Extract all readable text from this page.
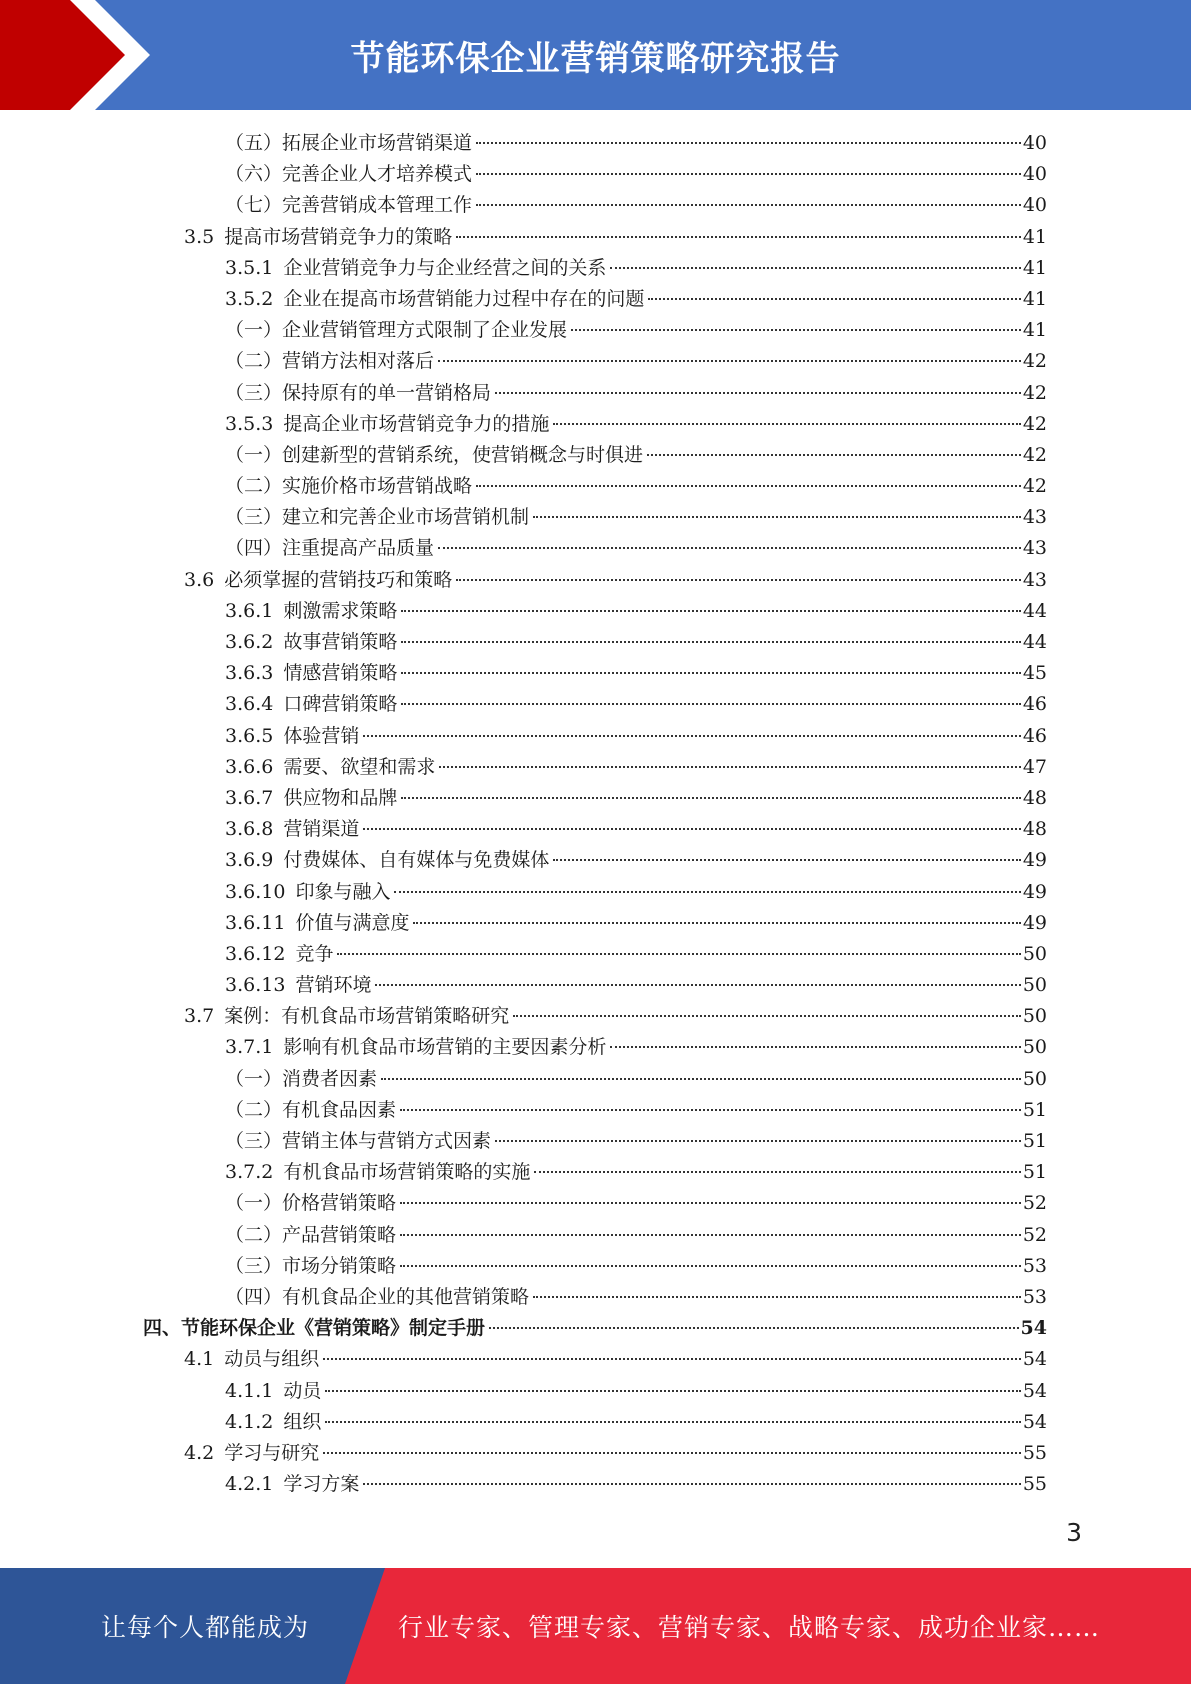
节能环保企业营销策略研究报告
（五）拓展企业市场营销渠道	40
（六）完善企业人才培养模式	40
（七）完善营销成本管理工作	40
3.5 提高市场营销竞争力的策略	41
3.5.1 企业营销竞争力与企业经营之间的关系	41
3.5.2 企业在提高市场营销能力过程中存在的问题	41
（一）企业营销管理方式限制了企业发展	41
（二）营销方法相对落后	42
（三）保持原有的单一营销格局	42
3.5.3 提高企业市场营销竞争力的措施	42
（一）创建新型的营销系统，使营销概念与时俱进	42
（二）实施价格市场营销战略	42
（三）建立和完善企业市场营销机制	43
（四）注重提高产品质量	43
3.6 必须掌握的营销技巧和策略	43
3.6.1 刺激需求策略	44
3.6.2 故事营销策略	44
3.6.3 情感营销策略	45
3.6.4 口碑营销策略	46
3.6.5 体验营销	46
3.6.6 需要、欲望和需求	47
3.6.7 供应物和品牌	48
3.6.8 营销渠道	48
3.6.9 付费媒体、自有媒体与免费媒体	49
3.6.10 印象与融入	49
3.6.11 价值与满意度	49
3.6.12 竞争	50
3.6.13 营销环境	50
3.7 案例：有机食品市场营销策略研究	50
3.7.1 影响有机食品市场营销的主要因素分析	50
（一）消费者因素	50
（二）有机食品因素	51
（三）营销主体与营销方式因素	51
3.7.2 有机食品市场营销策略的实施	51
（一）价格营销策略	52
（二）产品营销策略	52
（三）市场分销策略	53
（四）有机食品企业的其他营销策略	53
四、节能环保企业《营销策略》制定手册	54
4.1 动员与组织	54
4.1.1 动员	54
4.1.2 组织	54
4.2 学习与研究	55
4.2.1 学习方案	55
3
让每个人都能成为	行业专家、管理专家、营销专家、战略专家、成功企业家……
